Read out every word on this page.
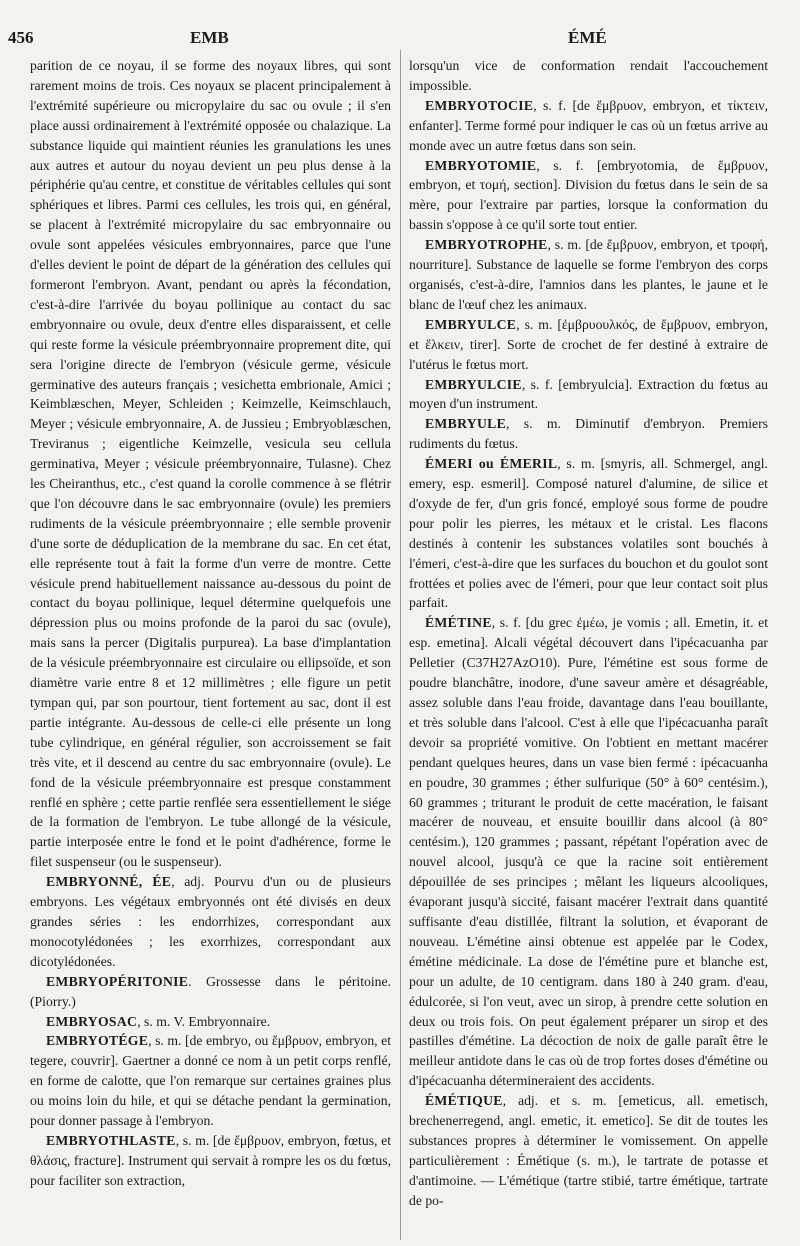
456	EMB	ÉMÉ

parition de ce noyau, il se forme des noyaux libres, qui sont rarement moins de trois. Ces noyaux se placent principalement à l'extrémité supérieure ou micropylaire du sac ou ovule ; il s'en place aussi ordinairement à l'extrémité opposée ou chalazique. La substance liquide qui maintient réunies les granulations les unes aux autres et autour du noyau devient un peu plus dense à la périphérie qu'au centre, et constitue de véritables cellules qui sont sphériques et libres. Parmi ces cellules, les trois qui, en général, se placent à l'extrémité micropylaire du sac embryonnaire ou ovule sont appelées vésicules embryonnaires, parce que l'une d'elles devient le point de départ de la génération des cellules qui formeront l'embryon. Avant, pendant ou après la fécondation, c'est-à-dire l'arrivée du boyau pollinique au contact du sac embryonnaire ou ovule, deux d'entre elles disparaissent, et celle qui reste forme la vésicule préembryonnaire proprement dite, qui sera l'origine directe de l'embryon (vésicule germe, vésicule germinative des auteurs français ; vesichetta embrionale, Amici ; Keimblæschen, Meyer, Schleiden ; Keimzelle, Keimschlauch, Meyer ; vésicule embryonnaire, A. de Jussieu ; Embryoblæschen, Treviranus ; eigentliche Keimzelle, vesicula seu cellula germinativa, Meyer ; vésicule préembryonnaire, Tulasne). Chez les Cheiranthus, etc., c'est quand la corolle commence à se flétrir que l'on découvre dans le sac embryonnaire (ovule) les premiers rudiments de la vésicule préembryonnaire ; elle semble provenir d'une sorte de déduplication de la membrane du sac. En cet état, elle représente tout à fait la forme d'un verre de montre. Cette vésicule prend habituellement naissance au-dessous du point de contact du boyau pollinique, lequel détermine quelquefois une dépression plus ou moins profonde de la paroi du sac (ovule), mais sans la percer (Digitalis purpurea). La base d'implantation de la vésicule préembryonnaire est circulaire ou ellipsoïde, et son diamètre varie entre 8 et 12 millimètres ; elle figure un petit tympan qui, par son pourtour, tient fortement au sac, dont il est partie intégrante. Au-dessous de celle-ci elle présente un long tube cylindrique, en général régulier, son accroissement se fait très vite, et il descend au centre du sac embryonnaire (ovule). Le fond de la vésicule préembryonnaire est presque constamment renflé en sphère ; cette partie renflée sera essentiellement le siége de la formation de l'embryon. Le tube allongé de la vésicule, partie interposée entre le fond et le point d'adhérence, forme le filet suspenseur (ou le suspenseur).

EMBRYONNÉ, ÉE, adj. Pourvu d'un ou de plusieurs embryons. Les végétaux embryonnés ont été divisés en deux grandes séries : les endorrhizes, correspondant aux monocotylédonées ; les exorrhizes, correspondant aux dicotylédonées.

EMBRYOPÉRITONIE. Grossesse dans le péritoine. (Piorry.)

EMBRYOSAC, s. m. V. Embryonnaire.

EMBRYOTÉGE, s. m. [de embryo, ou ἔμβρυον, embryon, et tegere, couvrir]. Gaertner a donné ce nom à un petit corps renflé, en forme de calotte, que l'on remarque sur certaines graines plus ou moins loin du hile, et qui se détache pendant la germination, pour donner passage à l'embryon.

EMBRYOTHLASTE, s. m. [de ἔμβρυον, embryon, fœtus, et θλάσις, fracture]. Instrument qui servait à rompre les os du fœtus, pour faciliter son extraction,

lorsqu'un vice de conformation rendait l'accouchement impossible.

EMBRYOTOCIE, s. f. [de ἔμβρυον, embryon, et τίκτειν, enfanter]. Terme formé pour indiquer le cas où un fœtus arrive au monde avec un autre fœtus dans son sein.

EMBRYOTOMIE, s. f. [embryotomia, de ἔμβρυον, embryon, et τομή, section]. Division du fœtus dans le sein de sa mère, pour l'extraire par parties, lorsque la conformation du bassin s'oppose à ce qu'il sorte tout entier.

EMBRYOTROPHE, s. m. [de ἔμβρυον, embryon, et τροφή, nourriture]. Substance de laquelle se forme l'embryon des corps organisés, c'est-à-dire, l'amnios dans les plantes, le jaune et le blanc de l'œuf chez les animaux.

EMBRYULCE, s. m. [ἐμβρυουλκός, de ἔμβρυον, embryon, et ἕλκειν, tirer]. Sorte de crochet de fer destiné à extraire de l'utérus le fœtus mort.

EMBRYULCIE, s. f. [embryulcia]. Extraction du fœtus au moyen d'un instrument.

EMBRYULE, s. m. Diminutif d'embryon. Premiers rudiments du fœtus.

ÉMERI ou ÉMERIL, s. m. [smyris, all. Schmergel, angl. emery, esp. esmeril]. Composé naturel d'alumine, de silice et d'oxyde de fer, d'un gris foncé, employé sous forme de poudre pour polir les pierres, les métaux et le cristal. Les flacons destinés à contenir les substances volatiles sont bouchés à l'émeri, c'est-à-dire que les surfaces du bouchon et du goulot sont frottées et polies avec de l'émeri, pour que leur contact soit plus parfait.

ÉMÉTINE, s. f. [du grec ἐμέω, je vomis ; all. Emetin, it. et esp. emetina]. Alcali végétal découvert dans l'ipécacuanha par Pelletier (C37H27AzO10). Pure, l'émétine est sous forme de poudre blanchâtre, inodore, d'une saveur amère et désagréable, assez soluble dans l'eau froide, davantage dans l'eau bouillante, et très soluble dans l'alcool. C'est à elle que l'ipécacuanha paraît devoir sa propriété vomitive. On l'obtient en mettant macérer pendant quelques heures, dans un vase bien fermé : ipécacuanha en poudre, 30 grammes ; éther sulfurique (50° à 60° centésim.), 60 grammes ; triturant le produit de cette macération, le faisant macérer de nouveau, et ensuite bouillir dans alcool (à 80° centésim.), 120 grammes ; passant, répétant l'opération avec de nouvel alcool, jusqu'à ce que la racine soit entièrement dépouillée de ses principes ; mêlant les liqueurs alcooliques, évaporant jusqu'à siccité, faisant macérer l'extrait dans quantité suffisante d'eau distillée, filtrant la solution, et évaporant de nouveau. L'émétine ainsi obtenue est appelée par le Codex, émétine médicinale. La dose de l'émétine pure et blanche est, pour un adulte, de 10 centigram. dans 180 à 240 gram. d'eau, édulcorée, si l'on veut, avec un sirop, à prendre cette solution en deux ou trois fois. On peut également préparer un sirop et des pastilles d'émétine. La décoction de noix de galle paraît être le meilleur antidote dans le cas où de trop fortes doses d'émétine ou d'ipécacuanha détermineraient des accidents.

ÉMÉTIQUE, adj. et s. m. [emeticus, all. emetisch, brechenerregend, angl. emetic, it. emetico]. Se dit de toutes les substances propres à déterminer le vomissement. On appelle particulièrement : Émétique (s. m.), le tartrate de potasse et d'antimoine. — L'émétique (tartre stibié, tartre émétique, tartrate de po-
